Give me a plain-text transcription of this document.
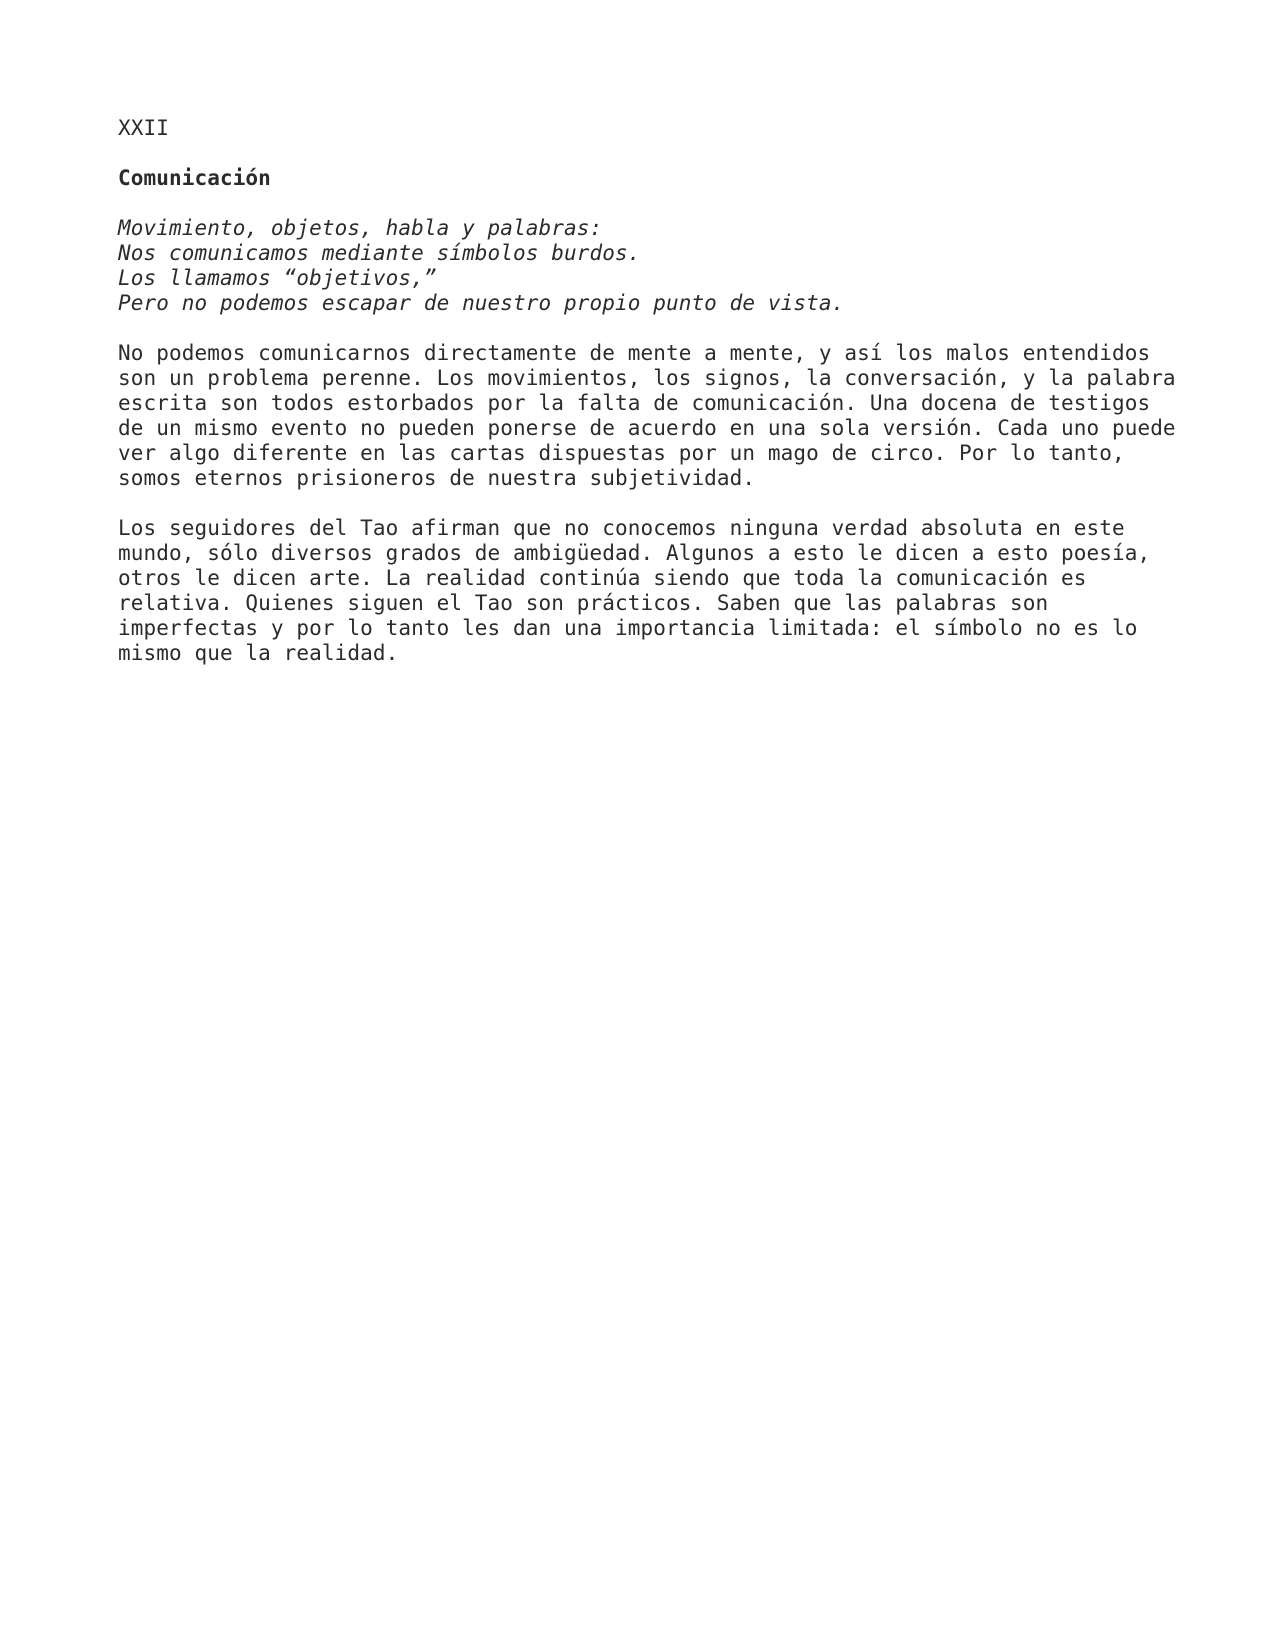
XXII
Comunicación
Movimiento, objetos, habla y palabras:
Nos comunicamos mediante símbolos burdos.
Los llamamos “objetivos,”
Pero no podemos escapar de nuestro propio punto de vista.

No podemos comunicarnos directamente de mente a mente, y así los malos entendidos
son un problema perenne. Los movimientos, los signos, la conversación, y la palabra
escrita son todos estorbados por la falta de comunicación. Una docena de testigos
de un mismo evento no pueden ponerse de acuerdo en una sola versión. Cada uno puede
ver algo diferente en las cartas dispuestas por un mago de circo. Por lo tanto,
somos eternos prisioneros de nuestra subjetividad.

Los seguidores del Tao afirman que no conocemos ninguna verdad absoluta en este
mundo, sólo diversos grados de ambigüedad. Algunos a esto le dicen a esto poesía,
otros le dicen arte. La realidad continúa siendo que toda la comunicación es
relativa. Quienes siguen el Tao son prácticos. Saben que las palabras son
imperfectas y por lo tanto les dan una importancia limitada: el símbolo no es lo
mismo que la realidad.
